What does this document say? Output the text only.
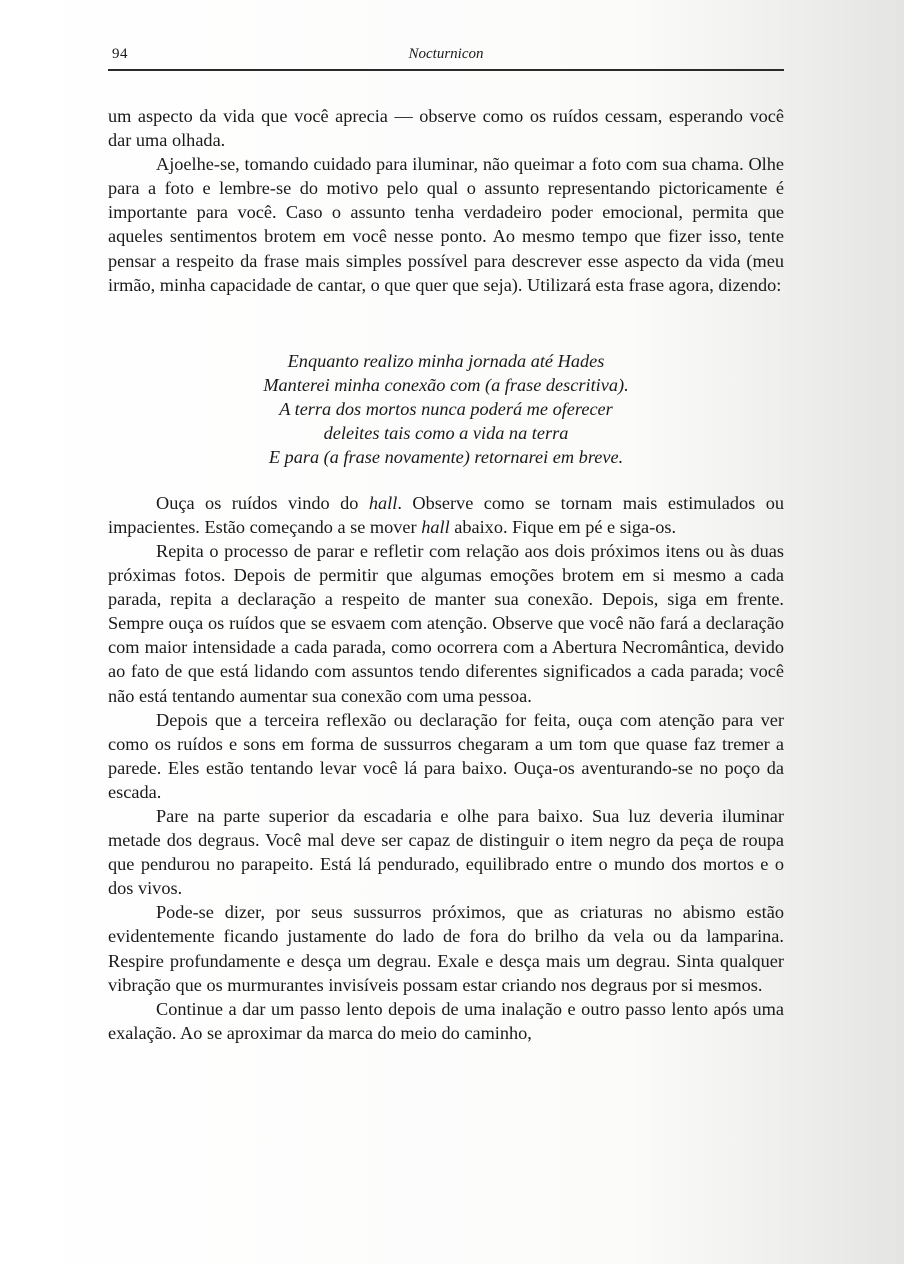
94	Nocturnicon

um aspecto da vida que você aprecia — observe como os ruídos cessam, esperando você dar uma olhada.

Ajoelhe-se, tomando cuidado para iluminar, não queimar a foto com sua chama. Olhe para a foto e lembre-se do motivo pelo qual o assunto representando pictoricamente é importante para você. Caso o assunto tenha verdadeiro poder emocional, permita que aqueles sentimentos brotem em você nesse ponto. Ao mesmo tempo que fizer isso, tente pensar a respeito da frase mais simples possível para descrever esse aspecto da vida (meu irmão, minha capacidade de cantar, o que quer que seja). Utilizará esta frase agora, dizendo:

Enquanto realizo minha jornada até Hades
Manterei minha conexão com (a frase descritiva).
A terra dos mortos nunca poderá me oferecer
deleites tais como a vida na terra
E para (a frase novamente) retornarei em breve.

Ouça os ruídos vindo do hall. Observe como se tornam mais estimulados ou impacientes. Estão começando a se mover hall abaixo. Fique em pé e siga-os.

Repita o processo de parar e refletir com relação aos dois próximos itens ou às duas próximas fotos. Depois de permitir que algumas emoções brotem em si mesmo a cada parada, repita a declaração a respeito de manter sua conexão. Depois, siga em frente. Sempre ouça os ruídos que se esvaem com atenção. Observe que você não fará a declaração com maior intensidade a cada parada, como ocorrera com a Abertura Necromântica, devido ao fato de que está lidando com assuntos tendo diferentes significados a cada parada; você não está tentando aumentar sua conexão com uma pessoa.

Depois que a terceira reflexão ou declaração for feita, ouça com atenção para ver como os ruídos e sons em forma de sussurros chegaram a um tom que quase faz tremer a parede. Eles estão tentando levar você lá para baixo. Ouça-os aventurando-se no poço da escada.

Pare na parte superior da escadaria e olhe para baixo. Sua luz deveria iluminar metade dos degraus. Você mal deve ser capaz de distinguir o item negro da peça de roupa que pendurou no parapeito. Está lá pendurado, equilibrado entre o mundo dos mortos e o dos vivos.

Pode-se dizer, por seus sussurros próximos, que as criaturas no abismo estão evidentemente ficando justamente do lado de fora do brilho da vela ou da lamparina. Respire profundamente e desça um degrau. Exale e desça mais um degrau. Sinta qualquer vibração que os murmurantes invisíveis possam estar criando nos degraus por si mesmos.

Continue a dar um passo lento depois de uma inalação e outro passo lento após uma exalação. Ao se aproximar da marca do meio do caminho,
